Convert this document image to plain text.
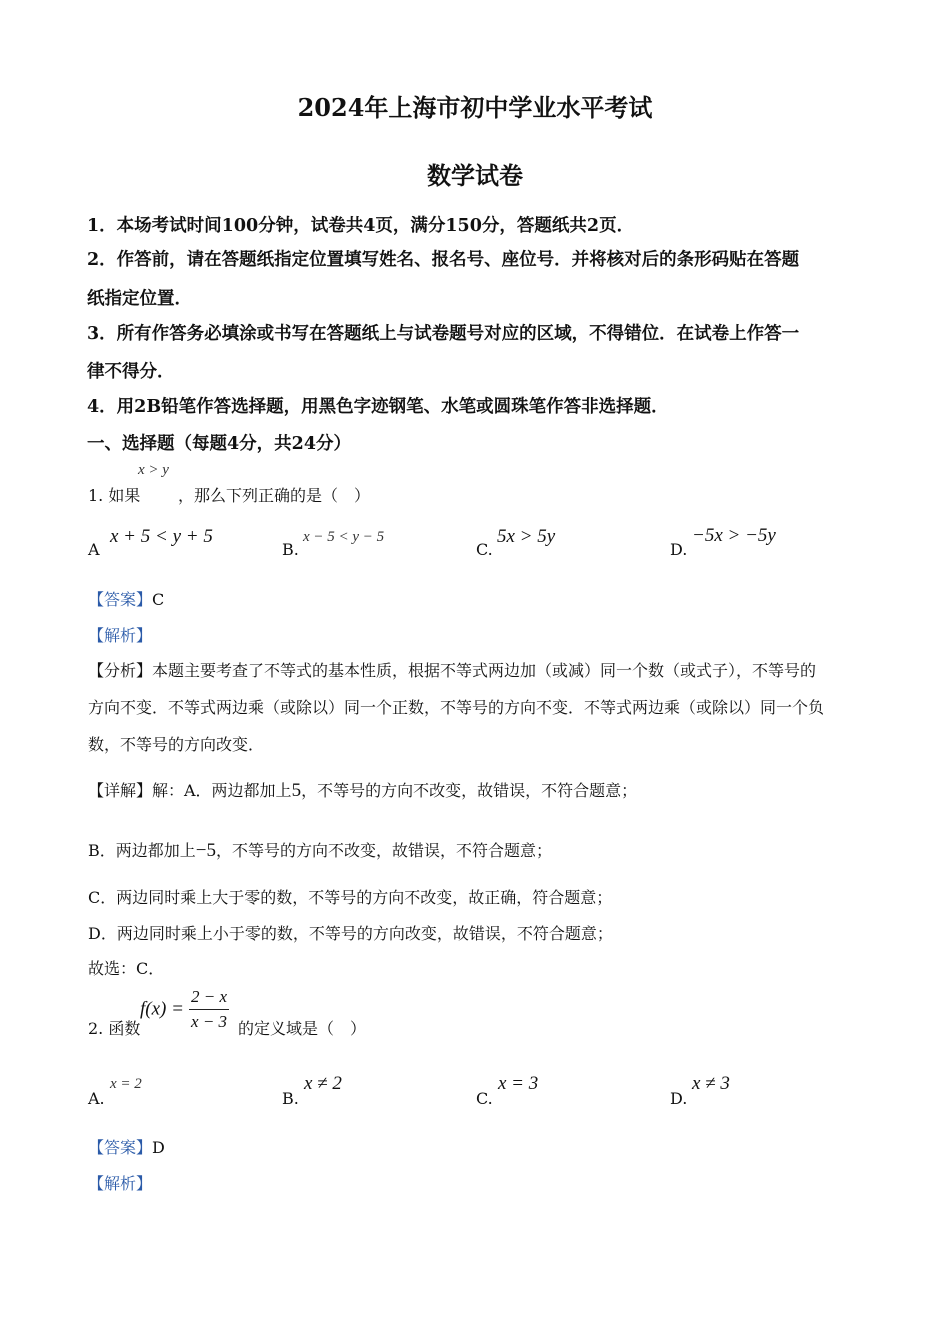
2024年上海市初中学业水平考试
数学试卷
1．本场考试时间100分钟，试卷共4页，满分150分，答题纸共2页．
2．作答前，请在答题纸指定位置填写姓名、报名号、座位号．并将核对后的条形码贴在答题
纸指定位置．
3．所有作答务必填涂或书写在答题纸上与试卷题号对应的区域，不得错位．在试卷上作答一
律不得分．
4．用2B铅笔作答选择题，用黑色字迹钢笔、水笔或圆珠笔作答非选择题．
一、选择题（每题4分，共24分）
x > y
1. 如果 ，那么下列正确的是（　）
A
x + 5 < y + 5
B.
x − 5 < y − 5
C.
5x > 5y
D.
−5x > −5y
【答案】C
【解析】
【分析】本题主要考查了不等式的基本性质，根据不等式两边加（或减）同一个数（或式子），不等号的
方向不变．不等式两边乘（或除以）同一个正数，不等号的方向不变．不等式两边乘（或除以）同一个负
数，不等号的方向改变．
【详解】解：A．两边都加上5，不等号的方向不改变，故错误，不符合题意；
B．两边都加上−5，不等号的方向不改变，故错误，不符合题意；
C．两边同时乘上大于零的数，不等号的方向不改变，故正确，符合题意；
D．两边同时乘上小于零的数，不等号的方向改变，故错误，不符合题意；
故选：C．
2. 函数
$f(x) = \frac{2 - x}{x - 3}$ 的定义域是（　）
A.
x = 2
B.
x ≠ 2
C.
x = 3
D.
x ≠ 3
【答案】D
【解析】
